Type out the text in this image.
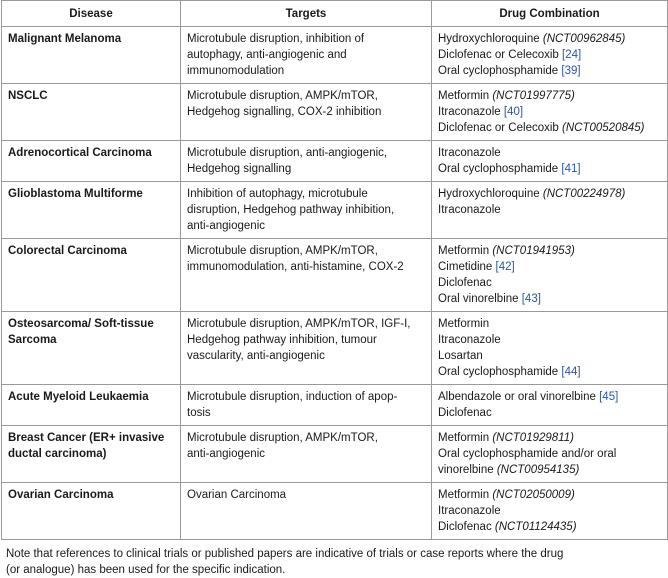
Disease	Targets	Drug Combination

Malignant Melanoma	Microtubule disruption, inhibition of
autophagy, anti-angiogenic and
immunomodulation	Hydroxychloroquine (NCT00962845)
Diclofenac or Celecoxib [24]
Oral cyclophosphamide [39]

NSCLC	Microtubule disruption, AMPK/mTOR,
Hedgehog signalling, COX-2 inhibition	Metformin (NCT01997775)
Itraconazole [40]
Diclofenac or Celecoxib (NCT00520845)

Adrenocortical Carcinoma	Microtubule disruption, anti-angiogenic,
Hedgehog signalling	Itraconazole
Oral cyclophosphamide [41]

Glioblastoma Multiforme	Inhibition of autophagy, microtubule
disruption, Hedgehog pathway inhibition,
anti-angiogenic	Hydroxychloroquine (NCT00224978)
Itraconazole

Colorectal Carcinoma	Microtubule disruption, AMPK/mTOR,
immunomodulation, anti-histamine, COX-2	Metformin (NCT01941953)
Cimetidine [42]
Diclofenac
Oral vinorelbine [43]

Osteosarcoma/ Soft-tissue
Sarcoma	Microtubule disruption, AMPK/mTOR, IGF-I,
Hedgehog pathway inhibition, tumour
vascularity, anti-angiogenic	Metformin
Itraconazole
Losartan
Oral cyclophosphamide [44]

Acute Myeloid Leukaemia	Microtubule disruption, induction of apop-
tosis	Albendazole or oral vinorelbine [45]
Diclofenac

Breast Cancer (ER+ invasive
ductal carcinoma)	Microtubule disruption, AMPK/mTOR,
anti-angiogenic	Metformin (NCT01929811)
Oral cyclophosphamide and/or oral
vinorelbine (NCT00954135)

Ovarian Carcinoma	Ovarian Carcinoma	Metformin (NCT02050009)
Itraconazole
Diclofenac (NCT01124435)
Note that references to clinical trials or published papers are indicative of trials or case reports where the drug
(or analogue) has been used for the specific indication.
